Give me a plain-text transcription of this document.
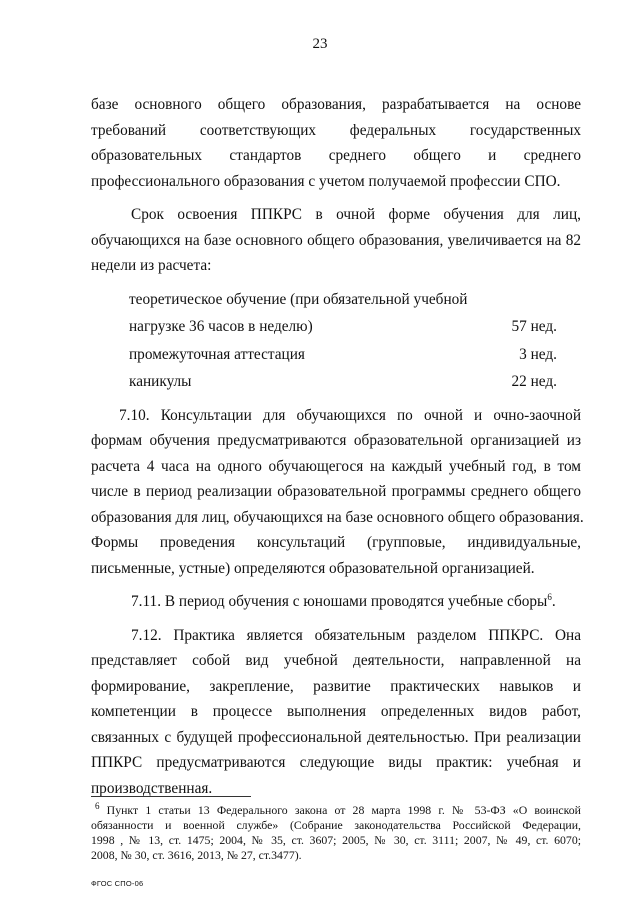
23
базе основного общего образования, разрабатывается на основе
требований соответствующих федеральных государственных
образовательных стандартов среднего общего и среднего
профессионального образования с учетом получаемой профессии СПО.
Срок освоения ППКРС в очной форме обучения для лиц,
обучающихся на базе основного общего образования, увеличивается на 82
недели из расчета:
теоретическое обучение (при обязательной учебной
нагрузке 36 часов в неделю)	57 нед.
промежуточная аттестация	3 нед.
каникулы	22 нед.
7.10. Консультации для обучающихся по очной и очно-заочной
формам обучения предусматриваются образовательной организацией из
расчета 4 часа на одного обучающегося на каждый учебный год, в том
числе в период реализации образовательной программы среднего общего
образования для лиц, обучающихся на базе основного общего образования.
Формы проведения консультаций (групповые, индивидуальные,
письменные, устные) определяются образовательной организацией.
7.11. В период обучения с юношами проводятся учебные сборы$^6$.
7.12. Практика является обязательным разделом ППКРС. Она
представляет собой вид учебной деятельности, направленной на
формирование, закрепление, развитие практических навыков и
компетенции в процессе выполнения определенных видов работ,
связанных с будущей профессиональной деятельностью. При реализации
ППКРС предусматриваются следующие виды практик: учебная и
производственная.
$^6$ Пункт 1 статьи 13 Федерального закона от 28 марта 1998 г. № 53-ФЗ «О воинской
обязанности и военной службе» (Собрание законодательства Российской Федерации,
1998 , № 13, ст. 1475; 2004, № 35, ст. 3607; 2005, № 30, ст. 3111; 2007, № 49, ст. 6070;
2008, № 30, ст. 3616, 2013, № 27, ст.3477).
ФГОС СПО-06
